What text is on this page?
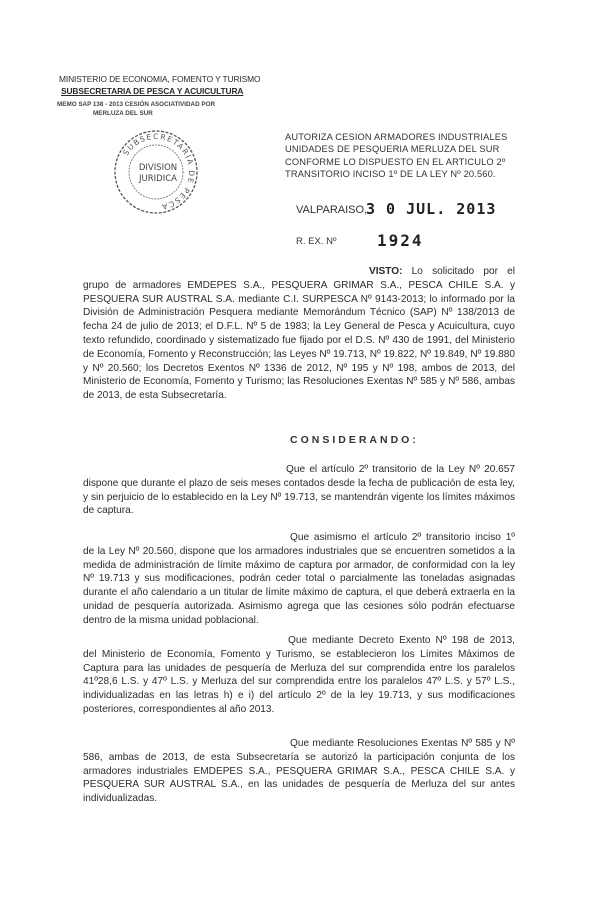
MINISTERIO DE ECONOMIA, FOMENTO Y TURISMO
SUBSECRETARIA DE PESCA Y ACUICULTURA
MEMO SAP 138 - 2013 CESIÓN ASOCIATIVIDAD POR
MERLUZA DEL SUR
SUBSECRETARIA DE PESCA
DIVISION
JURIDICA
AUTORIZA CESION ARMADORES INDUSTRIALES UNIDADES DE PESQUERIA MERLUZA DEL SUR CONFORME LO DISPUESTO EN EL ARTICULO 2º TRANSITORIO INCISO 1º DE LA LEY Nº 20.560.
VALPARAISO,
3 0 JUL. 2013
R. EX. Nº	1924
VISTO: Lo solicitado por el grupo de armadores EMDEPES S.A., PESQUERA GRIMAR S.A., PESCA CHILE S.A. y PESQUERA SUR AUSTRAL S.A. mediante C.I. SURPESCA Nº 9143-2013; lo informado por la División de Administración Pesquera mediante Memorándum Técnico (SAP) Nº 138/2013 de fecha 24 de julio de 2013; el D.F.L. Nº 5 de 1983; la Ley General de Pesca y Acuicultura, cuyo texto refundido, coordinado y sistematizado fue fijado por el D.S. Nº 430 de 1991, del Ministerio de Economía, Fomento y Reconstrucción; las Leyes Nº 19.713, Nº 19.822, Nº 19.849, Nº 19.880 y Nº 20.560; los Decretos Exentos Nº 1336 de 2012, Nº 195 y Nº 198, ambos de 2013, del Ministerio de Economía, Fomento y Turismo; las Resoluciones Exentas Nº 585 y Nº 586, ambas de 2013, de esta Subsecretaría.
CONSIDERANDO:
Que el artículo 2º transitorio de la Ley Nº 20.657 dispone que durante el plazo de seis meses contados desde la fecha de publicación de esta ley, y sin perjuicio de lo establecido en la Ley Nº 19.713, se mantendrán vigente los límites máximos de captura.
Que asimismo el artículo 2º transitorio inciso 1º de la Ley Nº 20.560, dispone que los armadores industriales que se encuentren sometidos a la medida de administración de límite máximo de captura por armador, de conformidad con la ley Nº 19.713 y sus modificaciones, podrán ceder total o parcialmente las toneladas asignadas durante el año calendario a un titular de límite máximo de captura, el que deberá extraerla en la unidad de pesquería autorizada. Asimismo agrega que las cesiones sólo podrán efectuarse dentro de la misma unidad poblacional.
Que mediante Decreto Exento Nº 198 de 2013, del Ministerio de Economía, Fomento y Turismo, se establecieron los Límites Máximos de Captura para las unidades de pesquería de Merluza del sur comprendida entre los paralelos 41º28,6 L.S. y 47º L.S. y Merluza del sur comprendida entre los paralelos 47º L.S. y 57º L.S., individualizadas en las letras h) e i) del artículo 2º de la ley 19.713, y sus modificaciones posteriores, correspondientes al año 2013.
Que mediante Resoluciones Exentas Nº 585 y Nº 586, ambas de 2013, de esta Subsecretaría se autorizó la participación conjunta de los armadores industriales EMDEPES S.A., PESQUERA GRIMAR S.A., PESCA CHILE S.A. y PESQUERA SUR AUSTRAL S.A., en las unidades de pesquería de Merluza del sur antes individualizadas.
